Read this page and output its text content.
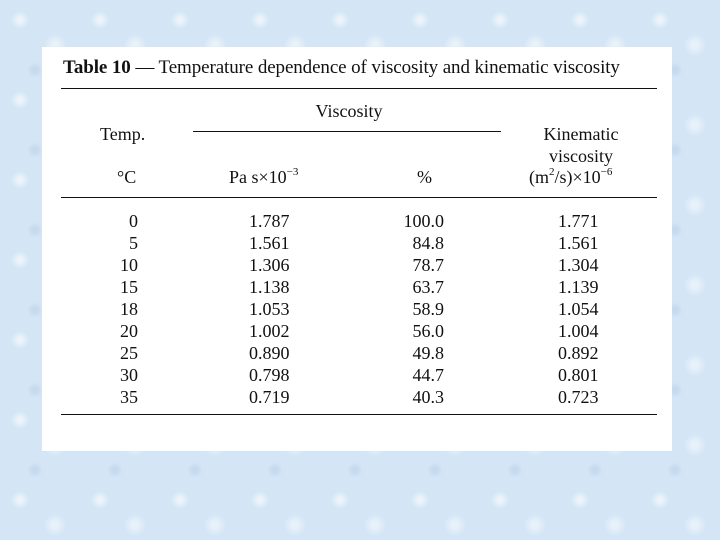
Table 10 — Temperature dependence of viscosity and kinematic viscosity
Viscosity
Temp.
°C	Pa $s\times 10^{-3}$	%
Kinematic
viscosity
$(m^2/s)\times 10^{-6}$
0
5
10
15
18
20
25
30
35
1.787
1.561
1.306
1.138
1.053
1.002
0.890
0.798
0.719
100.0
84.8
78.7
63.7
58.9
56.0
49.8
44.7
40.3
1.771
1.561
1.304
1.139
1.054
1.004
0.892
0.801
0.723
